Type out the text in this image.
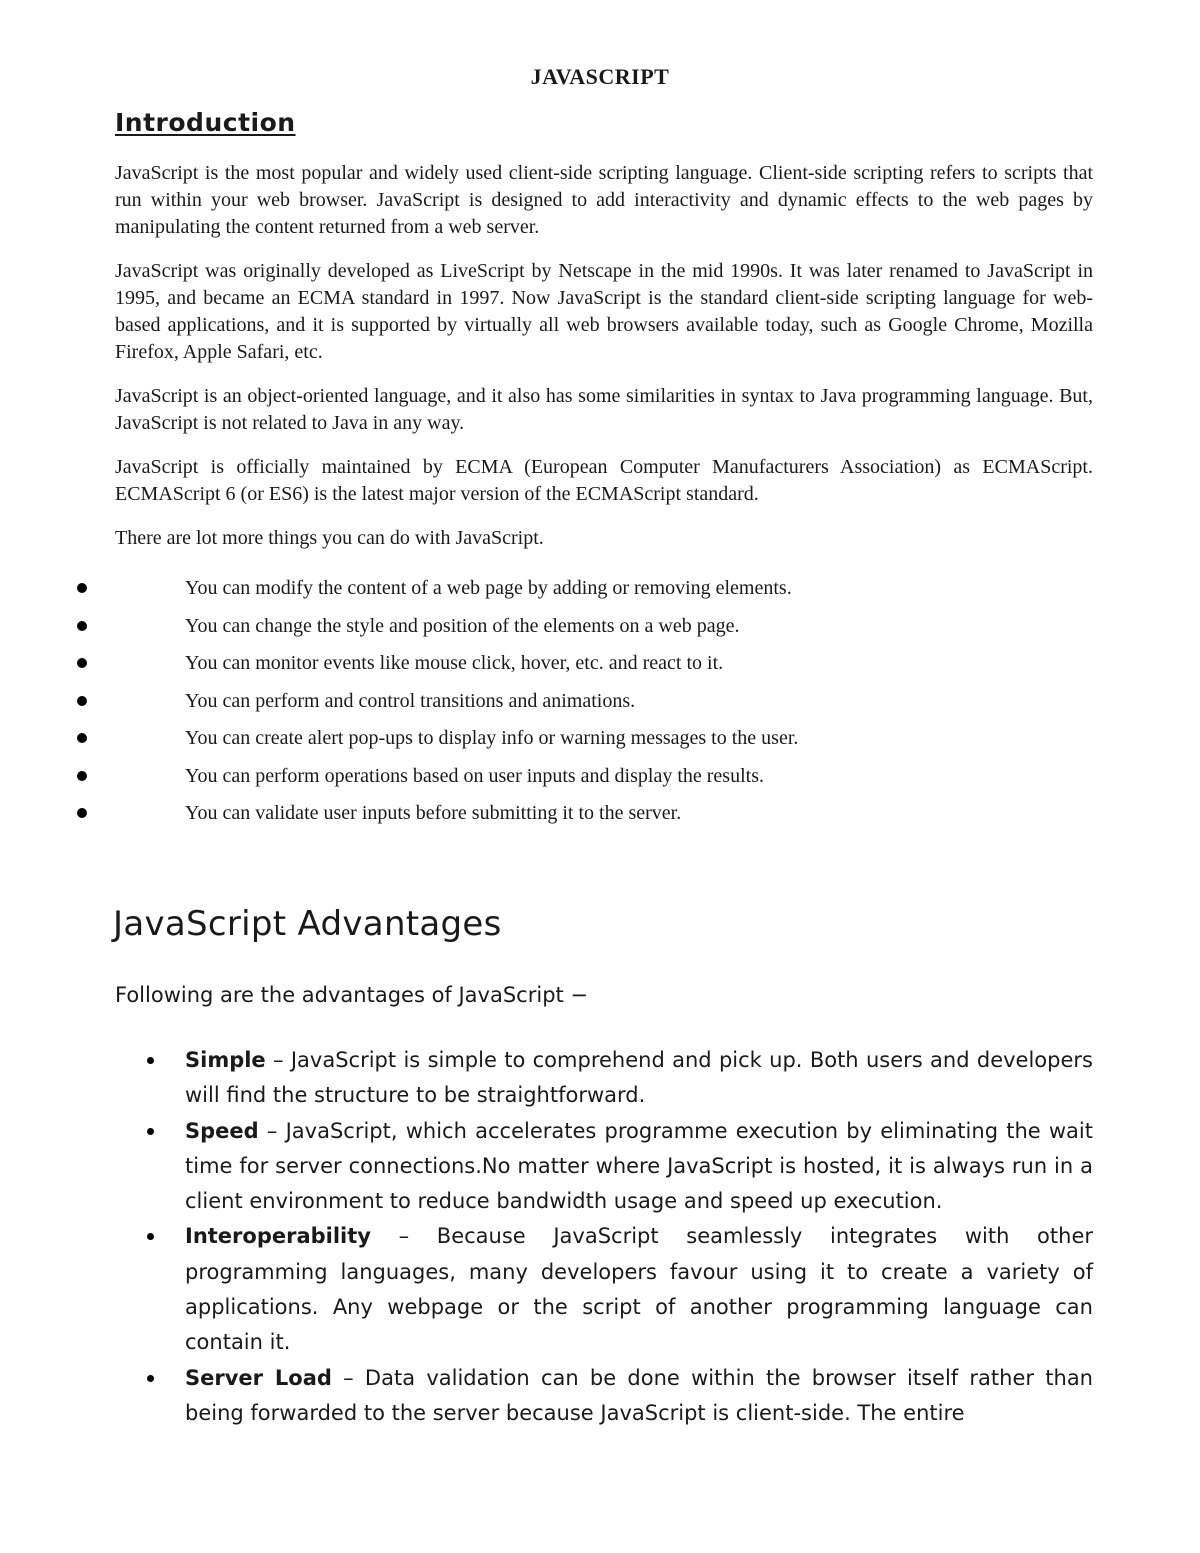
JAVASCRIPT
Introduction

JavaScript is the most popular and widely used client-side scripting language. Client-side scripting refers to scripts that run within your web browser. JavaScript is designed to add interactivity and dynamic effects to the web pages by manipulating the content returned from a web server.

JavaScript was originally developed as LiveScript by Netscape in the mid 1990s. It was later renamed to JavaScript in 1995, and became an ECMA standard in 1997. Now JavaScript is the standard client-side scripting language for web-based applications, and it is supported by virtually all web browsers available today, such as Google Chrome, Mozilla Firefox, Apple Safari, etc.

JavaScript is an object-oriented language, and it also has some similarities in syntax to Java programming language. But, JavaScript is not related to Java in any way.

JavaScript is officially maintained by ECMA (European Computer Manufacturers Association) as ECMAScript. ECMAScript 6 (or ES6) is the latest major version of the ECMAScript standard.

There are lot more things you can do with JavaScript.

You can modify the content of a web page by adding or removing elements.
You can change the style and position of the elements on a web page.
You can monitor events like mouse click, hover, etc. and react to it.
You can perform and control transitions and animations.
You can create alert pop-ups to display info or warning messages to the user.
You can perform operations based on user inputs and display the results.
You can validate user inputs before submitting it to the server.
JavaScript Advantages

Following are the advantages of JavaScript −

Simple – JavaScript is simple to comprehend and pick up. Both users and developers will find the structure to be straightforward.
Speed – JavaScript, which accelerates programme execution by eliminating the wait time for server connections.No matter where JavaScript is hosted, it is always run in a client environment to reduce bandwidth usage and speed up execution.
Interoperability – Because JavaScript seamlessly integrates with other programming languages, many developers favour using it to create a variety of applications. Any webpage or the script of another programming language can contain it.
Server Load – Data validation can be done within the browser itself rather than being forwarded to the server because JavaScript is client-side. The entire
